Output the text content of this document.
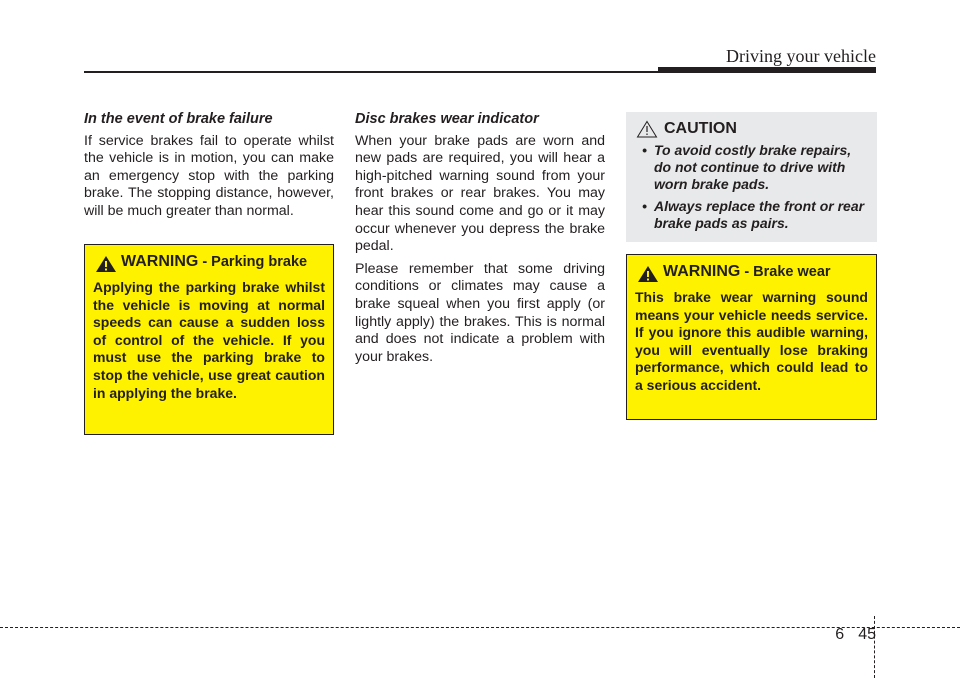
Driving your vehicle

In the event of brake failure

If service brakes fail to operate whilst the vehicle is in motion, you can make an emergency stop with the parking brake. The stopping distance, however, will be much greater than normal.

WARNING - Parking brake

Applying the parking brake whilst the vehicle is moving at normal speeds can cause a sudden loss of control of the vehicle. If you must use the parking brake to stop the vehicle, use great caution in applying the brake.

Disc brakes wear indicator

When your brake pads are worn and new pads are required, you will hear a high-pitched warning sound from your front brakes or rear brakes. You may hear this sound come and go or it may occur whenever you depress the brake pedal.

Please remember that some driving conditions or climates may cause a brake squeal when you first apply (or lightly apply) the brakes. This is normal and does not indicate a problem with your brakes.

CAUTION
• To avoid costly brake repairs, do not continue to drive with worn brake pads.
• Always replace the front or rear brake pads as pairs.
WARNING - Brake wear

This brake wear warning sound means your vehicle needs service. If you ignore this audible warning, you will eventually lose braking performance, which could lead to a serious accident.

6 45
